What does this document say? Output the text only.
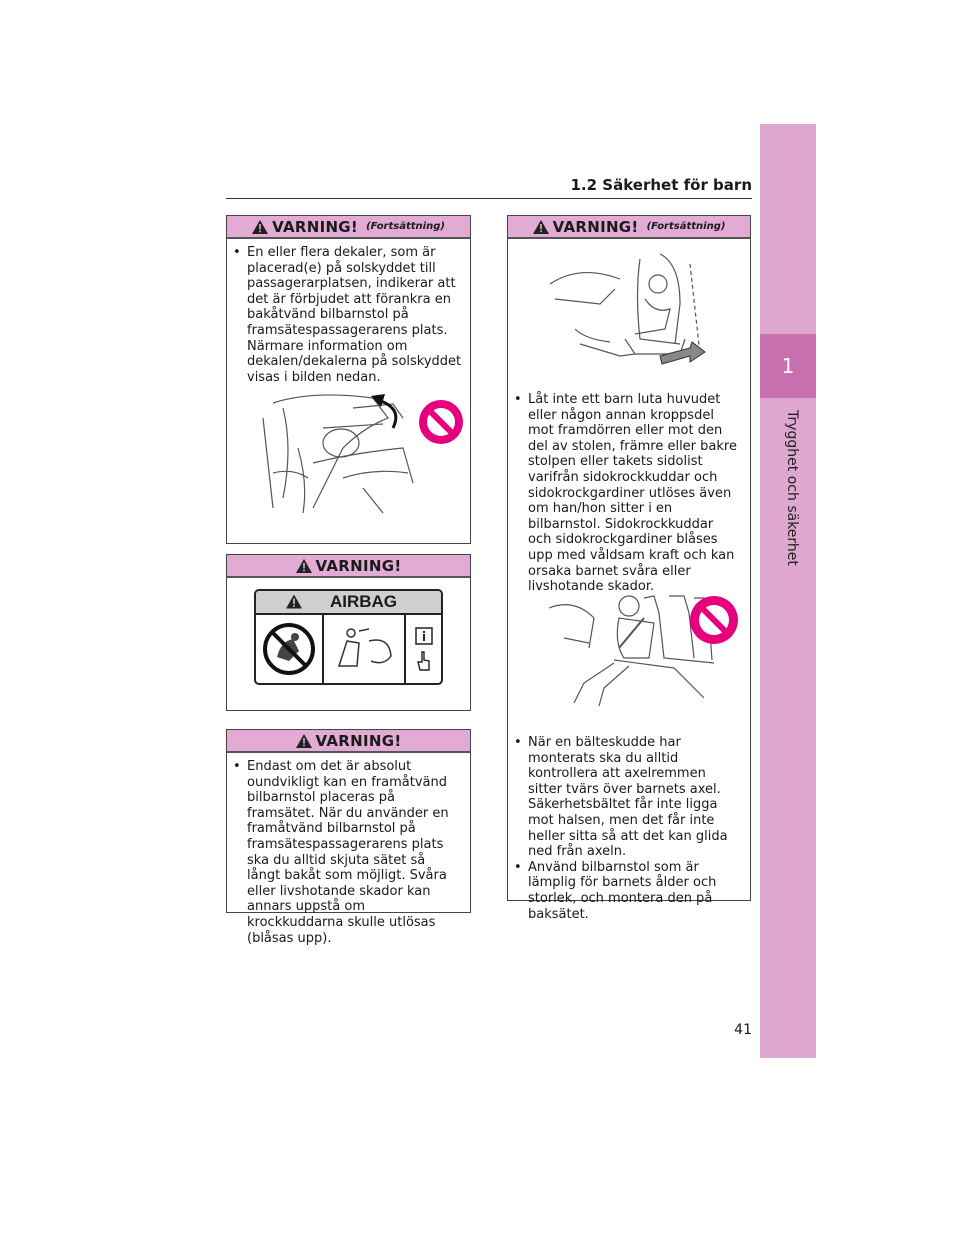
1.2 Säkerhet för barn
1
Trygghet och säkerhet
VARNING! (Fortsättning)
• En eller flera dekaler, som är placerad(e) på solskyddet till passagerarplatsen, indikerar att det är förbjudet att förankra en bakåtvänd bilbarnstol på framsätespassagerarens plats. Närmare information om dekalen/dekalerna på solskyddet visas i bilden nedan.
VARNING!
AIRBAG
VARNING!
• Endast om det är absolut oundvikligt kan en framåtvänd bilbarnstol placeras på framsätet. När du använder en framåtvänd bilbarnstol på framsätespassagerarens plats ska du alltid skjuta sätet så långt bakåt som möjligt. Svåra eller livshotande skador kan annars uppstå om krockkuddarna skulle utlösas (blåsas upp).
VARNING! (Fortsättning)
• Låt inte ett barn luta huvudet eller någon annan kroppsdel mot framdörren eller mot den del av stolen, främre eller bakre stolpen eller takets sidolist varifrån sidokrockkuddar och sidokrockgardiner utlöses även om han/hon sitter i en bilbarnstol. Sidokrockkuddar och sidokrockgardiner blåses upp med våldsam kraft och kan orsaka barnet svåra eller livshotande skador.
• När en bälteskudde har monterats ska du alltid kontrollera att axelremmen sitter tvärs över barnets axel. Säkerhetsbältet får inte ligga mot halsen, men det får inte heller sitta så att det kan glida ned från axeln.
• Använd bilbarnstol som är lämplig för barnets ålder och storlek, och montera den på baksätet.
41
